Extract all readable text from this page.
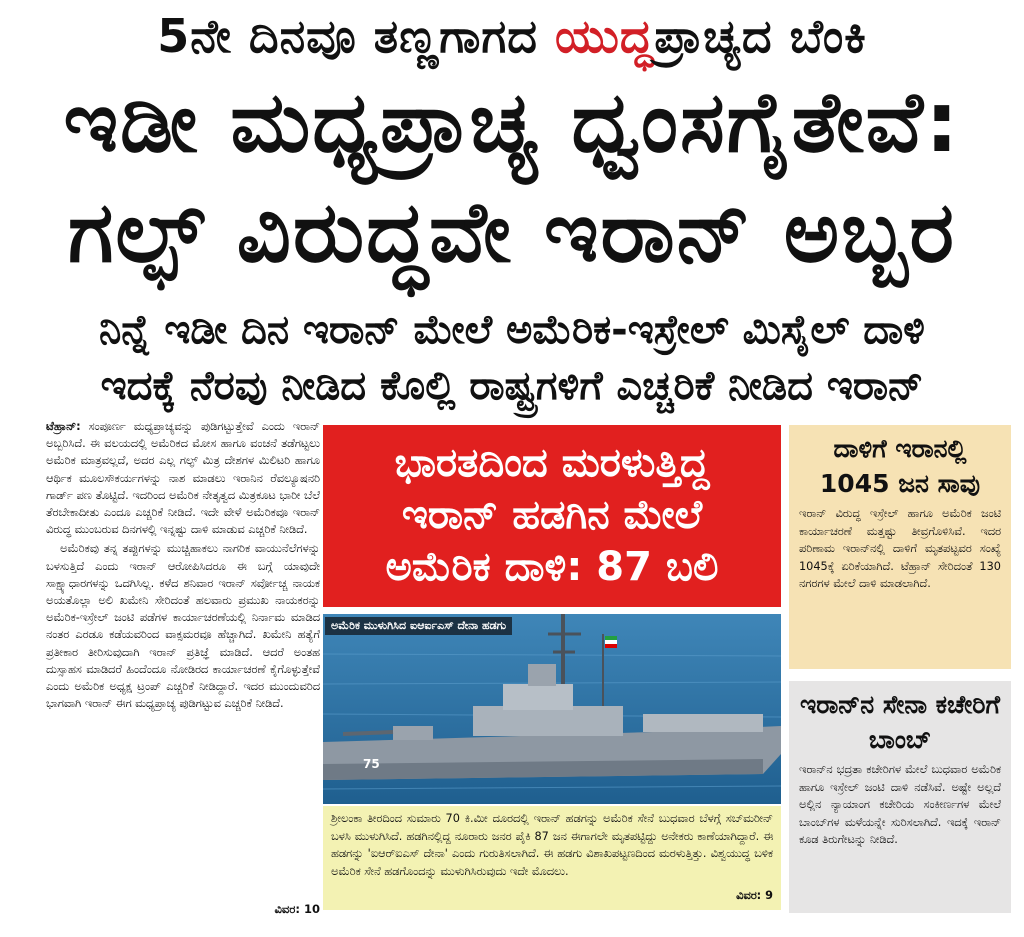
5ನೇ ದಿನವೂ ತಣ್ಣಗಾಗದ ಯುದ್ಧಪ್ರಾಚ್ಯದ ಬೆಂಕಿ
ಇಡೀ ಮಧ್ಯಪ್ರಾಚ್ಯ ಧ್ವಂಸಗೈತೇವೆ:
ಗಲ್ಫ್ ವಿರುದ್ಧವೇ ಇರಾನ್ ಅಬ್ಬರ
ನಿನ್ನೆ ಇಡೀ ದಿನ ಇರಾನ್ ಮೇಲೆ ಅಮೆರಿಕ-ಇಸ್ರೇಲ್ ಮಿಸೈಲ್ ದಾಳಿ
ಇದಕ್ಕೆ ನೆರವು ನೀಡಿದ ಕೊಲ್ಲಿ ರಾಷ್ಟ್ರಗಳಿಗೆ ಎಚ್ಚರಿಕೆ ನೀಡಿದ ಇರಾನ್

ಟೆಹ್ರಾನ್: ಸಂಪೂರ್ಣ ಮಧ್ಯಪ್ರಾಚ್ಯವನ್ನು ಪುಡಿಗಟ್ಟುತ್ತೇವೆ ಎಂದು ಇರಾನ್ ಅಬ್ಬರಿಸಿದೆ. ಈ ವಲಯದಲ್ಲಿ ಅಮೆರಿಕದ ಮೋಸ ಹಾಗೂ ವಂಚನೆ ತಡೆಗಟ್ಟಲು ಅಮೆರಿಕ ಮಾತ್ರವಲ್ಲದೆ, ಅದರ ಎಲ್ಲ ಗಲ್ಫ್ ಮಿತ್ರ ದೇಶಗಳ ಮಿಲಿಟರಿ ಹಾಗೂ ಆರ್ಥಿಕ ಮೂಲಸೌಕರ್ಯಗಳನ್ನು ನಾಶ ಮಾಡಲು ಇರಾನಿನ ರೆವಲ್ಯೂಷನರಿ ಗಾರ್ಡ್ ಪಣ ತೊಟ್ಟಿದೆ. ಇದರಿಂದ ಅಮೆರಿಕ ನೇತೃತ್ವದ ಮಿತ್ರಕೂಟ ಭಾರೀ ಬೆಲೆ ತೆರಬೇಕಾದೀತು ಎಂದೂ ಎಚ್ಚರಿಕೆ ನೀಡಿದೆ. ಇದೇ ವೇಳೆ ಅಮೆರಿಕವೂ ಇರಾನ್ ವಿರುದ್ಧ ಮುಂಬರುವ ದಿನಗಳಲ್ಲಿ ಇನ್ನಷ್ಟು ದಾಳಿ ಮಾಡುವ ಎಚ್ಚರಿಕೆ ನೀಡಿದೆ.

ಅಮೆರಿಕವು ತನ್ನ ತಪ್ಪುಗಳನ್ನು ಮುಚ್ಚಿಹಾಕಲು ನಾಗರಿಕ ವಾಯುನೆಲೆಗಳನ್ನು ಬಳಸುತ್ತಿದೆ ಎಂದು ಇರಾನ್ ಆರೋಪಿಸಿದರೂ ಈ ಬಗ್ಗೆ ಯಾವುದೇ ಸಾಕ್ಷ್ಯಾಧಾರಗಳನ್ನು ಒದಗಿಸಿಲ್ಲ. ಕಳೆದ ಶನಿವಾರ ಇರಾನ್ ಸರ್ವೋಚ್ಚ ನಾಯಕ ಅಯತೊಲ್ಲಾ ಅಲಿ ಖಮೇನಿ ಸೇರಿದಂತೆ ಹಲವಾರು ಪ್ರಮುಖ ನಾಯಕರನ್ನು ಅಮೆರಿಕ-ಇಸ್ರೇಲ್ ಜಂಟಿ ಪಡೆಗಳ ಕಾರ್ಯಾಚರಣೆಯಲ್ಲಿ ನಿರ್ನಾಮ ಮಾಡಿದ ನಂತರ ಎರಡೂ ಕಡೆಯವರಿಂದ ವಾಕ್ಸಮರವೂ ಹೆಚ್ಚಾಗಿದೆ. ಖಮೇನಿ ಹತ್ಯೆಗೆ ಪ್ರತೀಕಾರ ತೀರಿಸುವುದಾಗಿ ಇರಾನ್ ಪ್ರತಿಜ್ಞೆ ಮಾಡಿದೆ. ಆದರೆ ಅಂತಹ ದುಸ್ಸಾಹಸ ಮಾಡಿದರೆ ಹಿಂದೆಂದೂ ನೋಡಿರದ ಕಾರ್ಯಾಚರಣೆ ಕೈಗೊಳ್ಳುತ್ತೇವೆ ಎಂದು ಅಮೆರಿಕ ಅಧ್ಯಕ್ಷ ಟ್ರಂಪ್ ಎಚ್ಚರಿಕೆ ನೀಡಿದ್ದಾರೆ. ಇದರ ಮುಂದುವರಿದ ಭಾಗವಾಗಿ ಇರಾನ್ ಈಗ ಮಧ್ಯಪ್ರಾಚ್ಯ ಪುಡಿಗಟ್ಟುವ ಎಚ್ಚರಿಕೆ ನೀಡಿದೆ.

ವಿವರ: 10
ಭಾರತದಿಂದ ಮರಳುತ್ತಿದ್ದ
ಇರಾನ್ ಹಡಗಿನ ಮೇಲೆ
ಅಮೆರಿಕ ದಾಳಿ: 87 ಬಲಿ
75
ಅಮೆರಿಕ ಮುಳುಗಿಸಿದ ಐಆರ್ಐಎಸ್ ದೇನಾ ಹಡಗು
ಶ್ರೀಲಂಕಾ ತೀರದಿಂದ ಸುಮಾರು 70 ಕಿ.ಮೀ ದೂರದಲ್ಲಿ ಇರಾನ್ ಹಡಗನ್ನು ಅಮೆರಿಕ ಸೇನೆ ಬುಧವಾರ ಬೆಳಗ್ಗೆ ಸಬ್‌ಮರೀನ್ ಬಳಸಿ ಮುಳುಗಿಸಿದೆ. ಹಡಗಿನಲ್ಲಿದ್ದ ನೂರಾರು ಜನರ ಪೈಕಿ 87 ಜನ ಈಗಾಗಲೇ ಮೃತಪಟ್ಟಿದ್ದು ಅನೇಕರು ಕಾಣೆಯಾಗಿದ್ದಾರೆ. ಈ ಹಡಗನ್ನು 'ಐಆರ್‌ಐಎಸ್ ದೇನಾ' ಎಂದು ಗುರುತಿಸಲಾಗಿದೆ. ಈ ಹಡಗು ವಿಶಾಖಪಟ್ಟಣದಿಂದ ಮರಳುತ್ತಿತ್ತು. ವಿಶ್ವಯುದ್ಧ ಬಳಿಕ ಅಮೆರಿಕ ಸೇನೆ ಹಡಗೊಂದನ್ನು ಮುಳುಗಿಸಿರುವುದು ಇದೇ ಮೊದಲು.
ವಿವರ: 9
ದಾಳಿಗೆ ಇರಾನಲ್ಲಿ 1045 ಜನ ಸಾವು
ಇರಾನ್ ವಿರುದ್ಧ ಇಸ್ರೇಲ್ ಹಾಗೂ ಅಮೆರಿಕ ಜಂಟಿ ಕಾರ್ಯಾಚರಣೆ ಮತ್ತಷ್ಟು ತೀವ್ರಗೊಳಿಸಿವೆ. ಇದರ ಪರಿಣಾಮ ಇರಾನ್‌ನಲ್ಲಿ ದಾಳಿಗೆ ಮೃತಪಟ್ಟವರ ಸಂಖ್ಯೆ 1045ಕ್ಕೆ ಏರಿಕೆಯಾಗಿದೆ. ಟೆಹ್ರಾನ್ ಸೇರಿದಂತೆ 130 ನಗರಗಳ ಮೇಲೆ ದಾಳಿ ಮಾಡಲಾಗಿದೆ.
ಇರಾನ್‌ನ ಸೇನಾ ಕಚೇರಿಗೆ ಬಾಂಬ್
ಇರಾನ್‌ನ ಭದ್ರತಾ ಕಚೇರಿಗಳ ಮೇಲೆ ಬುಧವಾರ ಅಮೆರಿಕ ಹಾಗೂ ಇಸ್ರೇಲ್ ಜಂಟಿ ದಾಳಿ ನಡೆಸಿವೆ. ಅಷ್ಟೇ ಅಲ್ಲದೆ ಅಲ್ಲಿನ ನ್ಯಾಯಾಂಗ ಕಚೇರಿಯ ಸಂಕೀರ್ಣಗಳ ಮೇಲೆ ಬಾಂಬ್‌ಗಳ ಮಳೆಯನ್ನೇ ಸುರಿಸಲಾಗಿದೆ. ಇದಕ್ಕೆ ಇರಾನ್ ಕೂಡ ತಿರುಗೇಟನ್ನು ನೀಡಿದೆ.
